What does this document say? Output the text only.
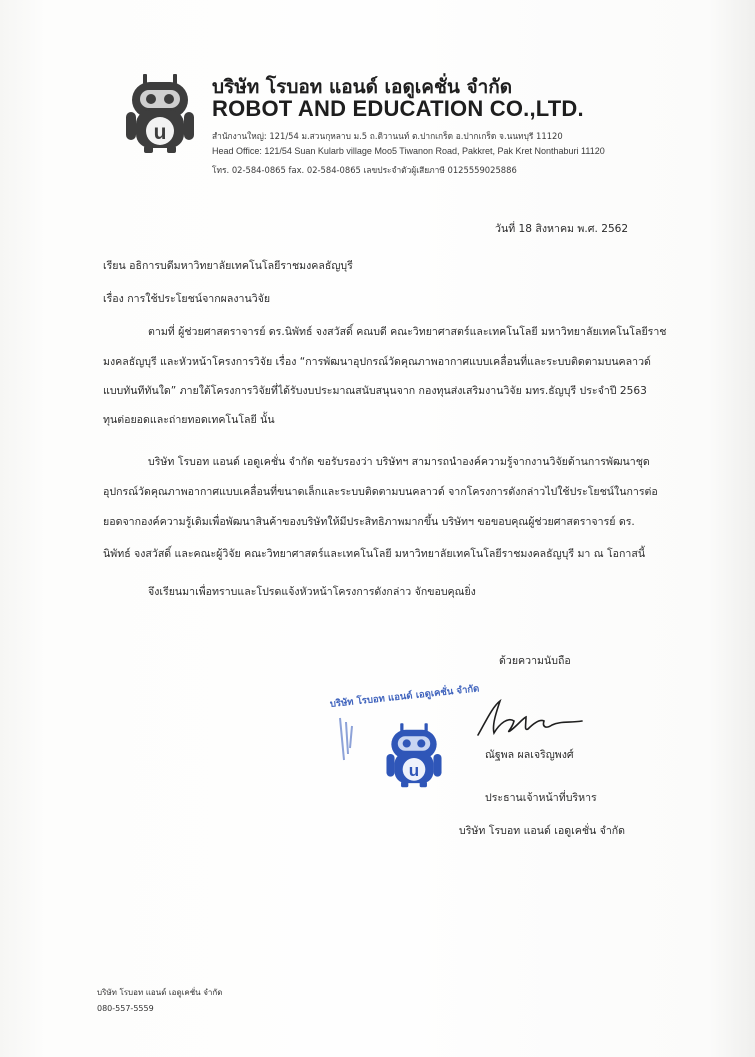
u
บริษัท โรบอท แอนด์ เอดูเคชั่น จำกัด
ROBOT AND EDUCATION CO.,LTD.
สำนักงานใหญ่: 121/54 ม.สวนกุหลาบ ม.5 ถ.ติวานนท์ ต.ปากเกร็ด อ.ปากเกร็ด จ.นนทบุรี 11120
Head Office: 121/54 Suan Kularb village Moo5 Tiwanon Road, Pakkret, Pak Kret Nonthaburi 11120
โทร. 02-584-0865 fax. 02-584-0865 เลขประจำตัวผู้เสียภาษี 0125559025886
วันที่ 18 สิงหาคม พ.ศ. 2562
เรียน อธิการบดีมหาวิทยาลัยเทคโนโลยีราชมงคลธัญบุรี
เรื่อง การใช้ประโยชน์จากผลงานวิจัย
ตามที่ ผู้ช่วยศาสตราจารย์ ดร.นิพัทธ์ จงสวัสดิ์ คณบดี คณะวิทยาศาสตร์และเทคโนโลยี มหาวิทยาลัยเทคโนโลยีราช
มงคลธัญบุรี และหัวหน้าโครงการวิจัย เรื่อง “การพัฒนาอุปกรณ์วัดคุณภาพอากาศแบบเคลื่อนที่และระบบติดตามบนคลาวด์
แบบทันทีทันใด” ภายใต้โครงการวิจัยที่ได้รับงบประมาณสนับสนุนจาก กองทุนส่งเสริมงานวิจัย มทร.ธัญบุรี ประจำปี 2563
ทุนต่อยอดและถ่ายทอดเทคโนโลยี นั้น
บริษัท โรบอท แอนด์ เอดูเคชั่น จำกัด ขอรับรองว่า บริษัทฯ สามารถนำองค์ความรู้จากงานวิจัยด้านการพัฒนาชุด
อุปกรณ์วัดคุณภาพอากาศแบบเคลื่อนที่ขนาดเล็กและระบบติดตามบนคลาวด์ จากโครงการดังกล่าวไปใช้ประโยชน์ในการต่อ
ยอดจากองค์ความรู้เดิมเพื่อพัฒนาสินค้าของบริษัทให้มีประสิทธิภาพมากขึ้น บริษัทฯ ขอขอบคุณผู้ช่วยศาสตราจารย์ ดร.
นิพัทธ์ จงสวัสดิ์ และคณะผู้วิจัย คณะวิทยาศาสตร์และเทคโนโลยี มหาวิทยาลัยเทคโนโลยีราชมงคลธัญบุรี มา ณ โอกาสนี้
จึงเรียนมาเพื่อทราบและโปรดแจ้งหัวหน้าโครงการดังกล่าว จักขอบคุณยิ่ง
ด้วยความนับถือ
บริษัท โรบอท แอนด์ เอดูเคชั่น จำกัด
u
ณัฐพล ผลเจริญพงศ์
ประธานเจ้าหน้าที่บริหาร
บริษัท โรบอท แอนด์ เอดูเคชั่น จำกัด
บริษัท โรบอท แอนด์ เอดูเคชั่น จำกัด
080-557-5559
